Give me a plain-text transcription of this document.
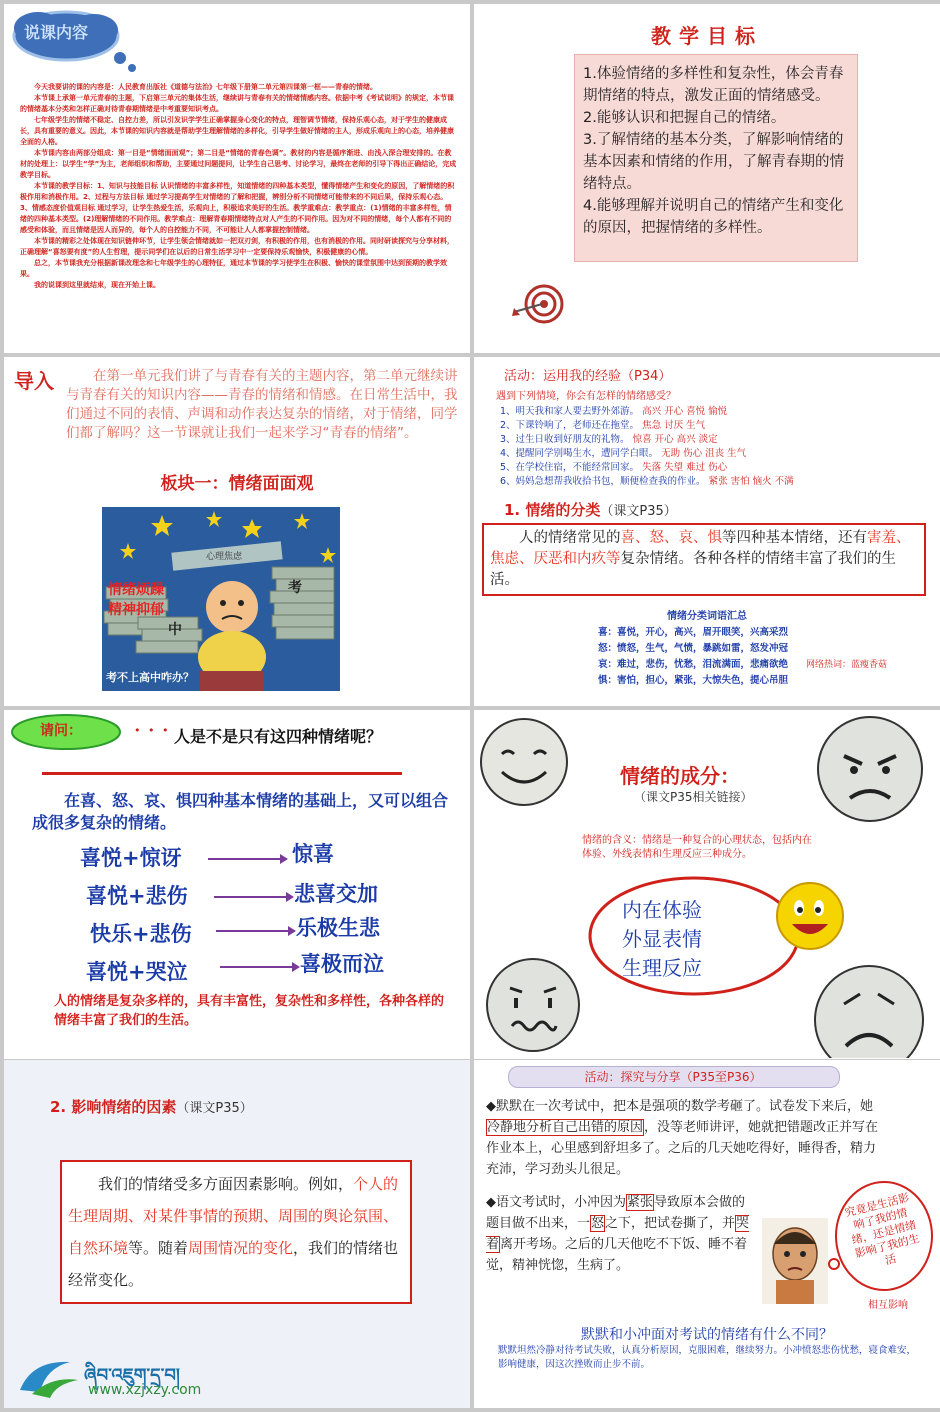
说课内容
今天我要讲的课的内容是：人民教育出版社《道德与法治》七年级下册第二单元第四课第一框——青春的情绪。
本节课上承第一单元青春的主题，下启第三单元的集体生活，继续讲与青春有关的情绪情感内容。依据中考《考试说明》的规定，本节课的情绪基本分类和怎样正确对待青春期情绪是中考重要知识考点。
七年级学生的情绪不稳定、自控力差，所以引发识学学生正确掌握身心变化的特点，理智调节情绪，保持乐观心态，对于学生的健康成长，具有重要的意义。因此，本节课的知识内容就是帮助学生理解情绪的多样化，引导学生做好情绪的主人，形成乐观向上的心态，培养健康全面的人格。
本节课内容由两部分组成：第一目是“情绪面面观”；第二目是“情绪的青春色调”。教材的内容是循序渐进、由浅入深合理安排的。在教材的处理上：以学生“学”为主，老师组织和帮助，主要通过问题提问，让学生自己思考、讨论学习，最终在老师的引导下得出正确结论，完成教学目标。
本节课的教学目标：1、知识与技能目标 认识情绪的丰富多样性，知道情绪的四种基本类型，懂得情绪产生和变化的原因，了解情绪的积极作用和消极作用。2、过程与方法目标 通过学习提高学生对情绪的了解和把握，辨别分析不同情绪可能带来的不同后果，保持乐观心态。3、情感态度价值观目标 通过学习，让学生热爱生活，乐观向上，积极追求美好的生活。教学重难点：教学重点：(1)情绪的丰富多样性，情绪的四种基本类型。(2)理解情绪的不同作用。教学难点：理解青春期情绪特点对人产生的不同作用。因为对不同的情绪，每个人都有不同的感受和体验，而且情绪是因人而异的，每个人的自控能力不同，不可能让人人都掌握控制情绪。
本节课的精彩之处体现在知识链伸环节，让学生领会情绪就如一把双刃剑，有积极的作用，也有消极的作用。同时研读探究与分享材料，正确理解“喜怒要有度”的人生哲理，提示同学们在以后的日常生活学习中一定要保持乐观愉快，积极健康的心情。
总之，本节课我充分根据新课改理念和七年级学生的心理特征，通过本节课的学习使学生在积极、愉快的课堂氛围中达到预期的教学效果。
我的说课到这里就结束，现在开始上课。
教学目标
1.体验情绪的多样性和复杂性，体会青春期情绪的特点，激发正面的情绪感受。
2.能够认识和把握自己的情绪。
3.了解情绪的基本分类，了解影响情绪的基本因素和情绪的作用，了解青春期的情绪特点。
4.能够理解并说明自己的情绪产生和变化的原因，把握情绪的多样性。
导入	在第一单元我们讲了与青春有关的主题内容，第二单元继续讲与青春有关的知识内容——青春的情绪和情感。在日常生活中，我们通过不同的表情、声调和动作表达复杂的情绪，对于情绪，同学们都了解吗？这一节课就让我们一起来学习“青春的情绪”。
板块一：情绪面面观
心理焦虑
情绪烦躁
精神抑郁
考
中
考不上高中咋办？
活动：运用我的经验（P34）
遇到下列情境，你会有怎样的情绪感受？
1、明天我和家人要去野外郊游。 高兴 开心 喜悦 愉悦
2、下课铃响了，老师还在拖堂。 焦急 讨厌 生气
3、过生日收到好朋友的礼物。 惊喜 开心 高兴 淡定
4、提醒同学别喝生水，遭同学白眼。 无助 伤心 沮丧 生气
5、在学校住宿，不能经常回家。 失落 失望 难过 伤心
6、妈妈急想帮我收拾书包，顺便检查我的作业。 紧张 害怕 恼火 不满
1. 情绪的分类（课文P35）
人的情绪常见的喜、怒、哀、惧等四种基本情绪，还有害羞、焦虑、厌恶和内疚等复杂情绪。各种各样的情绪丰富了我们的生活。
情绪分类词语汇总
喜：喜悦，开心，高兴，眉开眼笑，兴高采烈
怒：愤怒，生气，气愤，暴跳如雷，怒发冲冠
哀：难过，悲伤，忧愁，泪流满面，悲痛欲绝
惧：害怕，担心，紧张，大惊失色，提心吊胆
网络热词：蓝瘦香菇
请问：	• • • 人是不是只有这四种情绪呢？
在喜、怒、哀、惧四种基本情绪的基础上，又可以组合成很多复杂的情绪。
喜悦+惊讶	惊喜
喜悦+悲伤	悲喜交加
快乐+悲伤	乐极生悲
喜悦+哭泣	喜极而泣
人的情绪是复杂多样的，具有丰富性，复杂性和多样性，各种各样的情绪丰富了我们的生活。
情绪的成分：
（课文P35相关链接）
情绪的含义：情绪是一种复合的心理状态，包括内在体验、外线表情和生理反应三种成分。
内在体验
外显表情
生理反应
2. 影响情绪的因素（课文P35）
我们的情绪受多方面因素影响。例如，个人的生理周期、对某件事情的预期、周围的舆论氛围、自然环境等。随着周围情况的变化，我们的情绪也经常变化。
ཞིབ་འཇུག་དྲ་བ།
www.xzjxzy.com
活动：探究与分享（P35至P36）
◆默默在一次考试中，把本是强项的数学考砸了。试卷发下来后，她冷静地分析自己出错的原因，没等老师讲评，她就把错题改正并写在作业本上，心里感到舒坦多了。之后的几天她吃得好，睡得香，精力充沛，学习劲头儿很足。
◆语文考试时，小冲因为紧张导致原本会做的题目做不出来，一怒之下，把试卷撕了，并哭着离开考场。之后的几天他吃不下饭、睡不着觉，精神恍惚，生病了。
究竟是生活影响了我的情绪，还是情绪影响了我的生活
相互影响
默默和小冲面对考试的情绪有什么不同？
默默坦然冷静对待考试失败，认真分析原因，克服困难，继续努力。小冲愤怒悲伤忧愁，寝食难安，影响健康，因这次挫败而止步不前。
